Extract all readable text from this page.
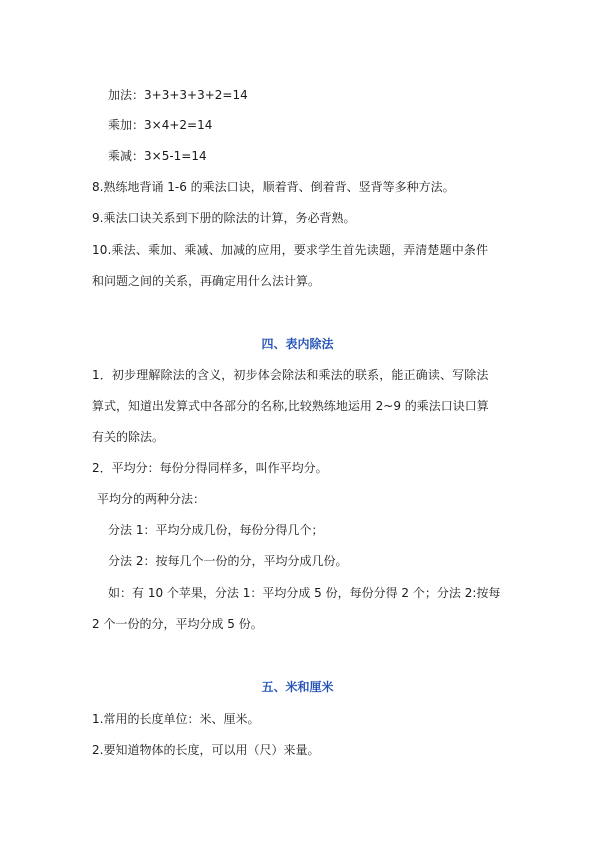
加法：3+3+3+3+2=14
乘加：3×4+2=14
乘减：3×5-1=14
8.熟练地背诵 1-6 的乘法口诀，顺着背、倒着背、竖背等多种方法。
9.乘法口诀关系到下册的除法的计算，务必背熟。
10.乘法、乘加、乘减、加减的应用，要求学生首先读题，弄清楚题中条件
和问题之间的关系，再确定用什么法计算。
四、表内除法
1．初步理解除法的含义，初步体会除法和乘法的联系，能正确读、写除法
算式，知道出发算式中各部分的名称,比较熟练地运用 2~9 的乘法口诀口算
有关的除法。
2．平均分：每份分得同样多，叫作平均分。
平均分的两种分法：
分法 1：平均分成几份，每份分得几个；
分法 2：按每几个一份的分，平均分成几份。
如：有 10 个苹果，分法 1：平均分成 5 份，每份分得 2 个；分法 2:按每
2 个一份的分，平均分成 5 份。
五、米和厘米
1.常用的长度单位：米、厘米。
2.要知道物体的长度，可以用（尺）来量。
